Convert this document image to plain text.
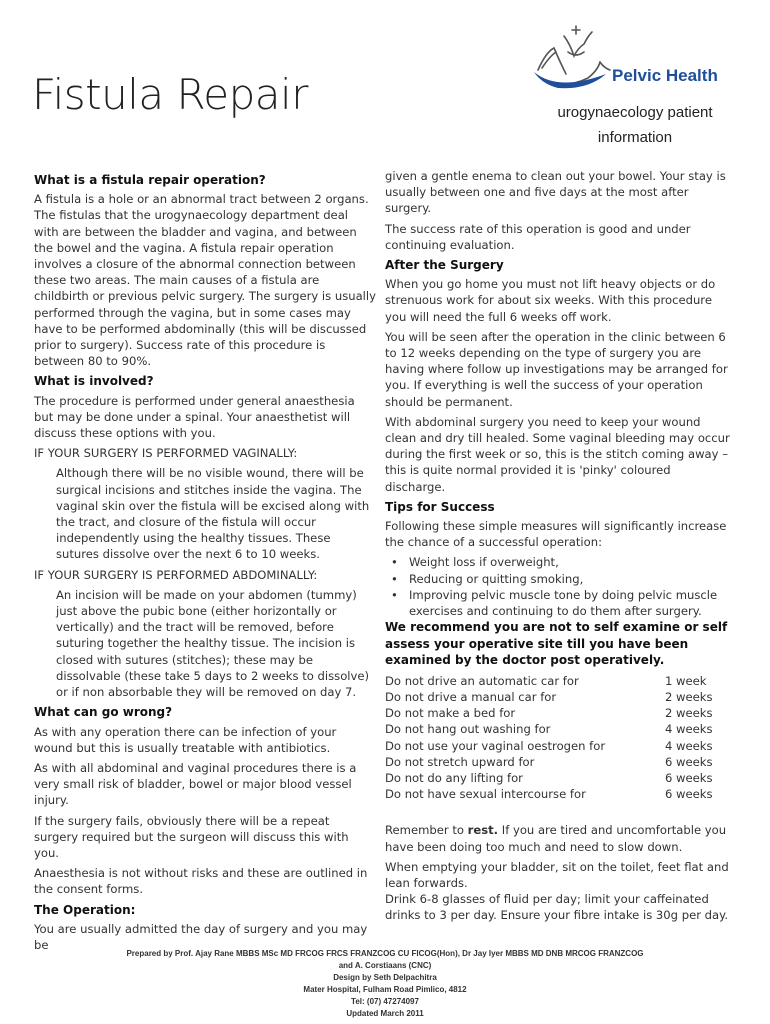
Fistula Repair	Pelvic Health
urogynaecology patient
information
What is a fistula repair operation?

A fistula is a hole or an abnormal tract between 2 organs. The fistulas that the urogynaecology department deal with are between the bladder and vagina, and between the bowel and the vagina. A fistula repair operation involves a closure of the abnormal connection between these two areas. The main causes of a fistula are childbirth or previous pelvic surgery. The surgery is usually performed through the vagina, but in some cases may have to be performed abdominally (this will be discussed prior to surgery). Success rate of this procedure is between 80 to 90%.

What is involved?

The procedure is performed under general anaesthesia but may be done under a spinal. Your anaesthetist will discuss these options with you.

IF YOUR SURGERY IS PERFORMED VAGINALLY:

Although there will be no visible wound, there will be surgical incisions and stitches inside the vagina. The vaginal skin over the fistula will be excised along with the tract, and closure of the fistula will occur independently using the healthy tissues. These sutures dissolve over the next 6 to 10 weeks.

IF YOUR SURGERY IS PERFORMED ABDOMINALLY:

An incision will be made on your abdomen (tummy) just above the pubic bone (either horizontally or vertically) and the tract will be removed, before suturing together the healthy tissue. The incision is closed with sutures (stitches); these may be dissolvable (these take 5 days to 2 weeks to dissolve) or if non absorbable they will be removed on day 7.

What can go wrong?

As with any operation there can be infection of your wound but this is usually treatable with antibiotics.

As with all abdominal and vaginal procedures there is a very small risk of bladder, bowel or major blood vessel injury.

If the surgery fails, obviously there will be a repeat surgery required but the surgeon will discuss this with you.

Anaesthesia is not without risks and these are outlined in the consent forms.

The Operation:

You are usually admitted the day of surgery and you may be

given a gentle enema to clean out your bowel. Your stay is usually between one and five days at the most after surgery.

The success rate of this operation is good and under continuing evaluation.

After the Surgery

When you go home you must not lift heavy objects or do strenuous work for about six weeks. With this procedure you will need the full 6 weeks off work.

You will be seen after the operation in the clinic between 6 to 12 weeks depending on the type of surgery you are having where follow up investigations may be arranged for you. If everything is well the success of your operation should be permanent.

With abdominal surgery you need to keep your wound clean and dry till healed. Some vaginal bleeding may occur during the first week or so, this is the stitch coming away – this is quite normal provided it is 'pinky' coloured discharge.

Tips for Success

Following these simple measures will significantly increase the chance of a successful operation:

• Weight loss if overweight,
• Reducing or quitting smoking,
• Improving pelvic muscle tone by doing pelvic muscle exercises and continuing to do them after surgery.

We recommend you are not to self examine or self assess your operative site till you have been examined by the doctor post operatively.

Do not drive an automatic car for	1 week
Do not drive a manual car for	2 weeks
Do not make a bed for	2 weeks
Do not hang out washing for	4 weeks
Do not use your vaginal oestrogen for	4 weeks
Do not stretch upward for	6 weeks
Do not do any lifting for	6 weeks
Do not have sexual intercourse for	6 weeks

Remember to rest. If you are tired and uncomfortable you have been doing too much and need to slow down.

When emptying your bladder, sit on the toilet, feet flat and lean forwards.

Drink 6-8 glasses of fluid per day; limit your caffeinated drinks to 3 per day. Ensure your fibre intake is 30g per day.

Prepared by Prof. Ajay Rane MBBS MSc MD FRCOG FRCS FRANZCOG CU FICOG(Hon), Dr Jay Iyer MBBS MD DNB MRCOG FRANZCOG
and A. Corstiaans (CNC)
Design by Seth Delpachitra
Mater Hospital, Fulham Road Pimlico, 4812
Tel: (07) 47274097
Updated March 2011
